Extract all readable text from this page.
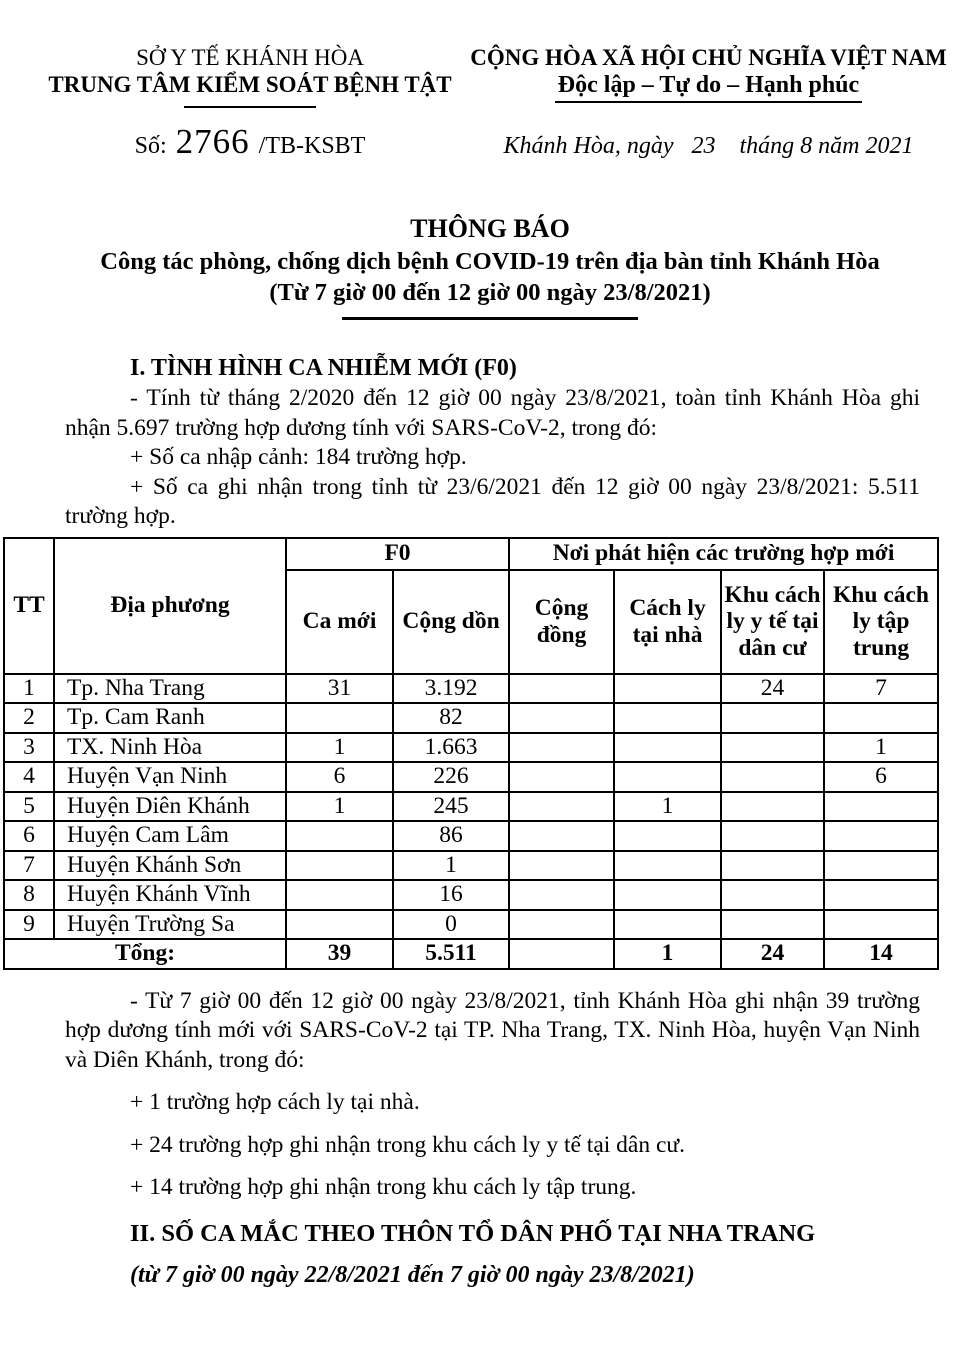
SỞ Y TẾ KHÁNH HÒA
TRUNG TÂM KIỂM SOÁT BỆNH TẬT
CỘNG HÒA XÃ HỘI CHỦ NGHĨA VIỆT NAM
Độc lập – Tự do – Hạnh phúc
Số: 2766 /TB-KSBT	Khánh Hòa, ngày   23    tháng 8 năm 2021
THÔNG BÁO
Công tác phòng, chống dịch bệnh COVID-19 trên địa bàn tỉnh Khánh Hòa
(Từ 7 giờ 00 đến 12 giờ 00 ngày 23/8/2021)
I. TÌNH HÌNH CA NHIỄM MỚI (F0)

- Tính từ tháng 2/2020 đến 12 giờ 00 ngày 23/8/2021, toàn tỉnh Khánh Hòa ghi nhận 5.697 trường hợp dương tính với SARS-CoV-2, trong đó:

+ Số ca nhập cảnh: 184 trường hợp.

+ Số ca ghi nhận trong tỉnh từ 23/6/2021 đến 12 giờ 00 ngày 23/8/2021: 5.511 trường hợp.

TT	Địa phương	F0		Nơi phát hiện các trường hợp mới			
		Ca mới	Cộng dồn	Cộng đồng	Cách ly tại nhà	Khu cách ly y tế tại dân cư	Khu cách ly tập trung
1	Tp. Nha Trang	31	3.192			24	7
2	Tp. Cam Ranh		82				
3	TX. Ninh Hòa	1	1.663				1
4	Huyện Vạn Ninh	6	226				6
5	Huyện Diên Khánh	1	245		1		
6	Huyện Cam Lâm		86				
7	Huyện Khánh Sơn		1				
8	Huyện Khánh Vĩnh		16				
9	Huyện Trường Sa		0				
Tổng:		39	5.511		1	24	14

- Từ 7 giờ 00 đến 12 giờ 00 ngày 23/8/2021, tỉnh Khánh Hòa ghi nhận 39 trường hợp dương tính mới với SARS-CoV-2 tại TP. Nha Trang, TX. Ninh Hòa, huyện Vạn Ninh và Diên Khánh, trong đó:

+ 1 trường hợp cách ly tại nhà.

+ 24 trường hợp ghi nhận trong khu cách ly y tế tại dân cư.

+ 14 trường hợp ghi nhận trong khu cách ly tập trung.

II. SỐ CA MẮC THEO THÔN TỔ DÂN PHỐ TẠI NHA TRANG
(từ 7 giờ 00 ngày 22/8/2021 đến 7 giờ 00 ngày 23/8/2021)
